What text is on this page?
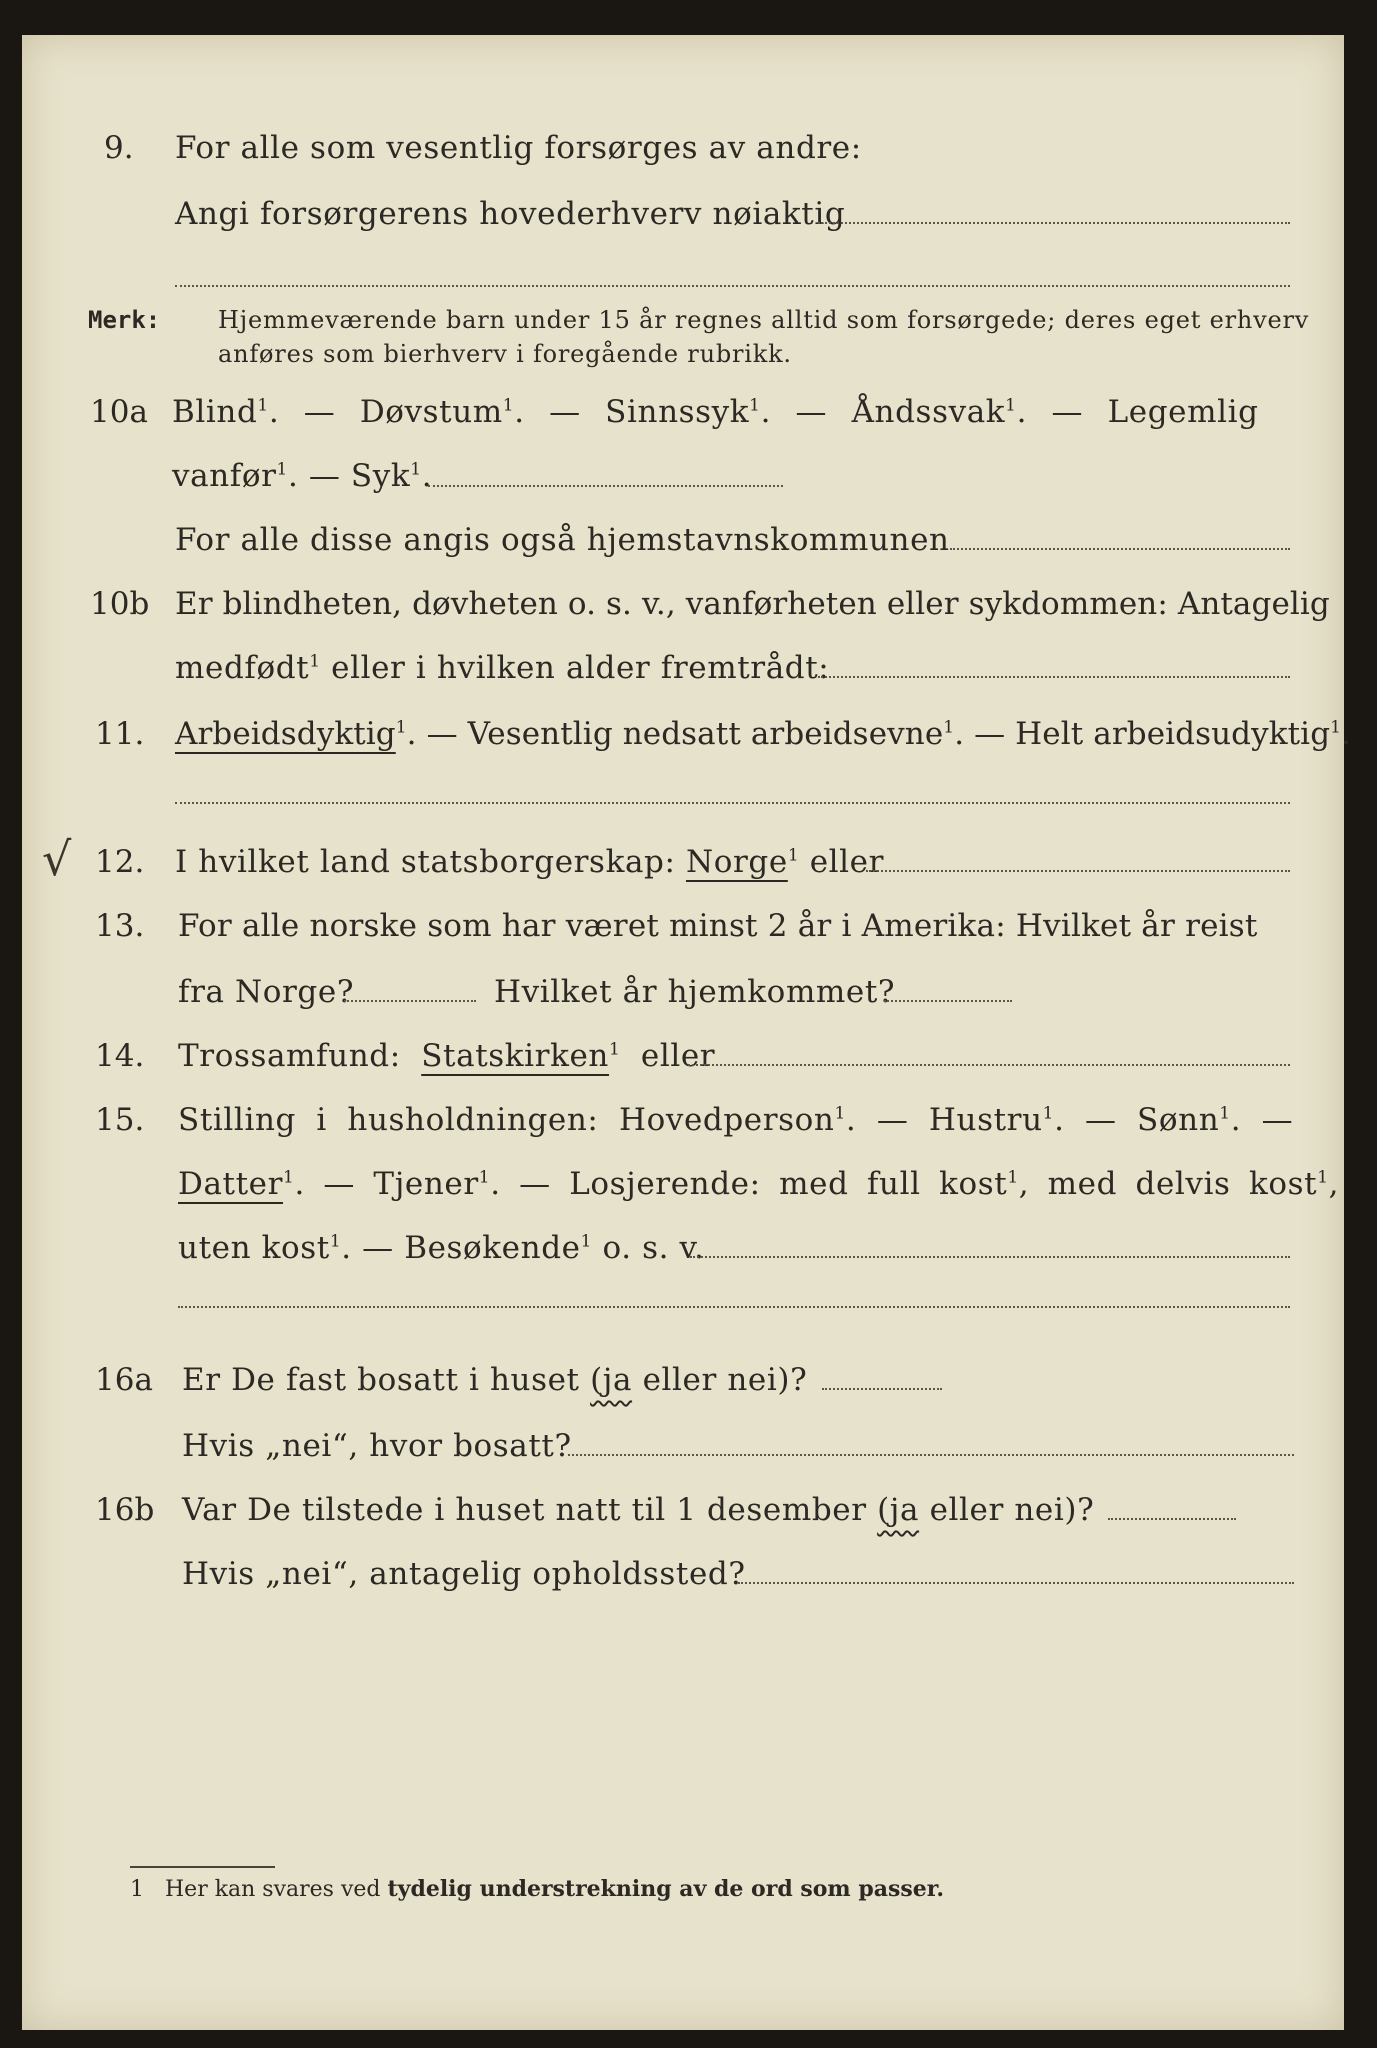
9. For alle som vesentlig forsørges av andre:
Angi forsørgerens hovederhverv nøiaktig
Merk: Hjemmeværende barn under 15 år regnes alltid som forsørgede; deres eget erhverv
anføres som bierhverv i foregående rubrikk.
10a Blind$^1$. — Døvstum$^1$. — Sinnssyk$^1$. — Åndssvak$^1$. — Legemlig
vanfør$^1$. — Syk$^1$.
For alle disse angis også hjemstavnskommunen
10b Er blindheten, døvheten o. s. v., vanførheten eller sykdommen: Antagelig
medfødt$^1$ eller i hvilken alder fremtrådt:
11. Arbeidsdyktig$^1$. — Vesentlig nedsatt arbeidsevne$^1$. — Helt arbeidsudyktig$^1$.
√ 12. I hvilket land statsborgerskap: Norge$^1$ eller
13. For alle norske som har været minst 2 år i Amerika: Hvilket år reist
fra Norge?	Hvilket år hjemkommet?
14. Trossamfund: Statskirken$^1$ eller
15. Stilling i husholdningen: Hovedperson$^1$. — Hustru$^1$. — Sønn$^1$. —
Datter$^1$. — Tjener$^1$. — Losjerende: med full kost$^1$, med delvis kost$^1$,
uten kost$^1$. — Besøkende$^1$ o. s. v.
16a Er De fast bosatt i huset (ja eller nei)?
Hvis „nei“, hvor bosatt?
16b Var De tilstede i huset natt til 1 desember (ja eller nei)?
Hvis „nei“, antagelig opholdssted?
1 Her kan svares ved tydelig understrekning av de ord som passer.
